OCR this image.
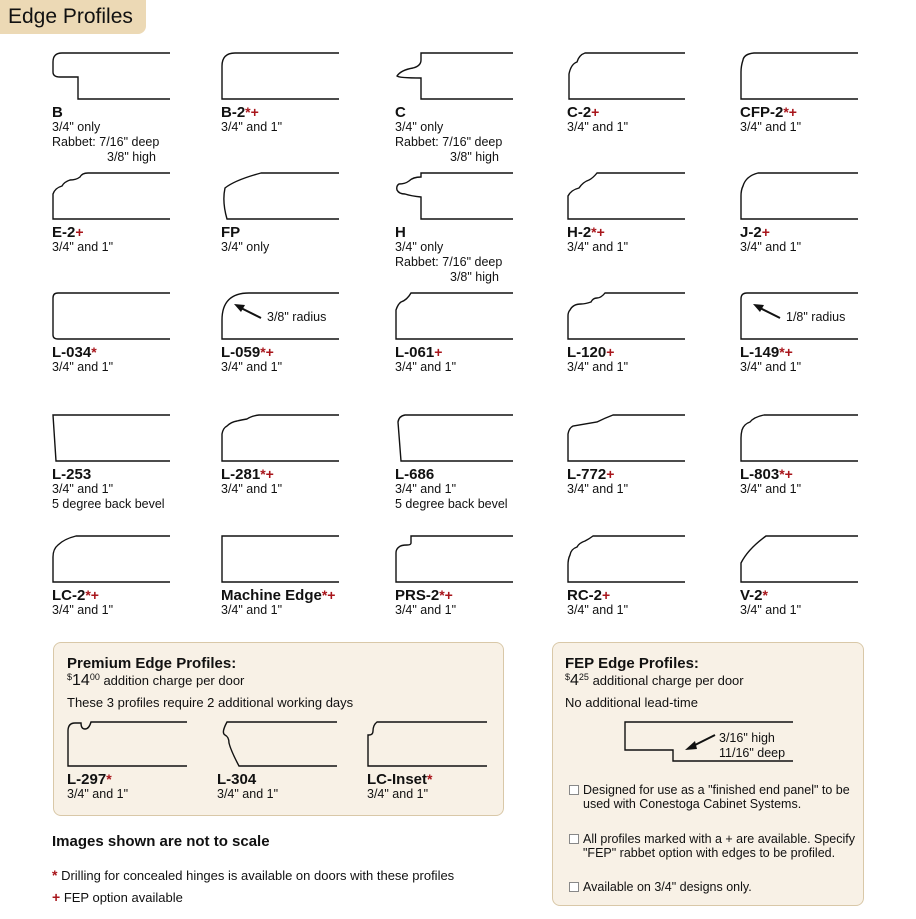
Edge Profiles
B
3/4" only
Rabbet: 7/16" deep
3/8" high
B-2*+
3/4" and 1"
C
3/4" only
Rabbet: 7/16" deep
3/8" high
C-2+
3/4" and 1"
CFP-2*+
3/4" and 1"
E-2+
3/4" and 1"
FP
3/4" only
H
3/4" only
Rabbet: 7/16" deep
3/8" high
H-2*+
3/4" and 1"
J-2+
3/4" and 1"
L-034*
3/4" and 1"
L-059*+
3/4" and 1"
3/8" radius
L-061+
3/4" and 1"
L-120+
3/4" and 1"
L-149*+
3/4" and 1"
1/8" radius
L-253
3/4" and 1"
5 degree back bevel
L-281*+
3/4" and 1"
L-686
3/4" and 1"
5 degree back bevel
L-772+
3/4" and 1"
L-803*+
3/4" and 1"
LC-2*+
3/4" and 1"
Machine Edge*+
3/4" and 1"
PRS-2*+
3/4" and 1"
RC-2+
3/4" and 1"
V-2*
3/4" and 1"
Premium Edge Profiles:
$^{\$}14^{00}$ addition charge per door
These 3 profiles require 2 additional working days
L-297*
3/4" and 1"
L-304
3/4" and 1"
LC-Inset*
3/4" and 1"
FEP Edge Profiles:
$^{\$}4^{25}$ additional charge per door
No additional lead-time
3/16" high
11/16" deep
Designed for use as a "finished end panel" to be used with Conestoga Cabinet Systems.
All profiles marked with a + are available. Specify "FEP" rabbet option with edges to be profiled.
Available on 3/4" designs only.
Images shown are not to scale
* Drilling for concealed hinges is available on doors with these profiles
+ FEP option available
